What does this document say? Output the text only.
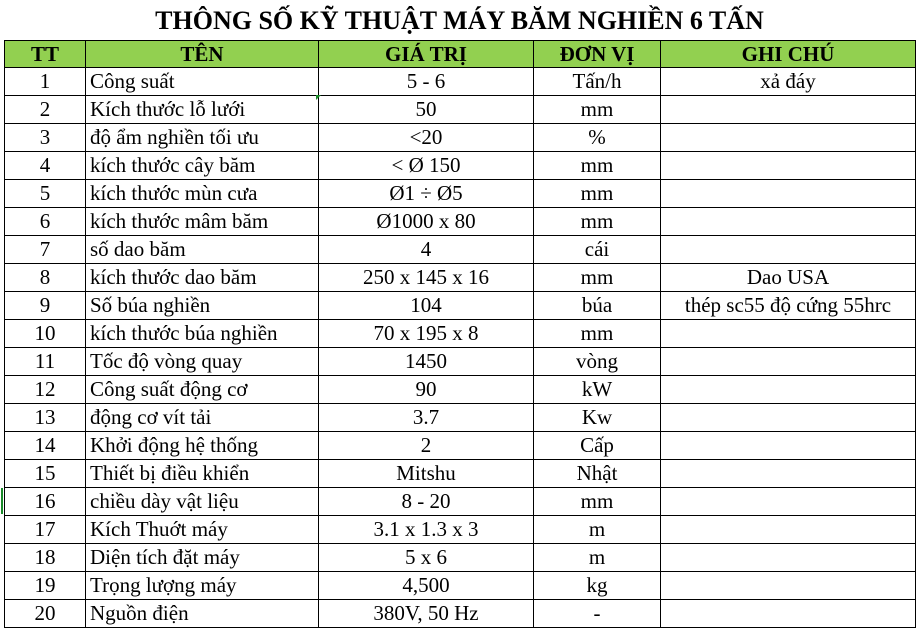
THÔNG SỐ KỸ THUẬT MÁY BĂM NGHIỀN 6 TẤN
TT	TÊN	GIÁ TRỊ	ĐƠN VỊ	GHI CHÚ
1	Công suất	5 - 6	Tấn/h	xả đáy
2	Kích thước lỗ lưới	50	mm	
3	độ ẩm nghiền tối ưu	<20	%	
4	kích thước cây băm	< Ø 150	mm	
5	kích thước mùn cưa	Ø1 ÷ Ø5	mm	
6	kích thước mâm băm	Ø1000 x 80	mm	
7	số dao băm	4	cái	
8	kích thước dao băm	250 x 145 x 16	mm	Dao USA
9	Số búa nghiền	104	búa	thép sc55 độ cứng 55hrc
10	kích thước búa nghiền	70 x 195 x 8	mm	
11	Tốc độ vòng quay	1450	vòng	
12	Công suất động cơ	90	kW	
13	động cơ vít tải	3.7	Kw	
14	Khởi động hệ thống	2	Cấp	
15	Thiết bị điều khiển	Mitshu	Nhật	
16	chiều dày vật liệu	8 - 20	mm	
17	Kích Thuớt máy	3.1 x 1.3 x 3	m	
18	Diện tích đặt máy	5 x 6	m	
19	Trọng lượng máy	4,500	kg	
20	Nguồn điện	380V, 50 Hz	-	
